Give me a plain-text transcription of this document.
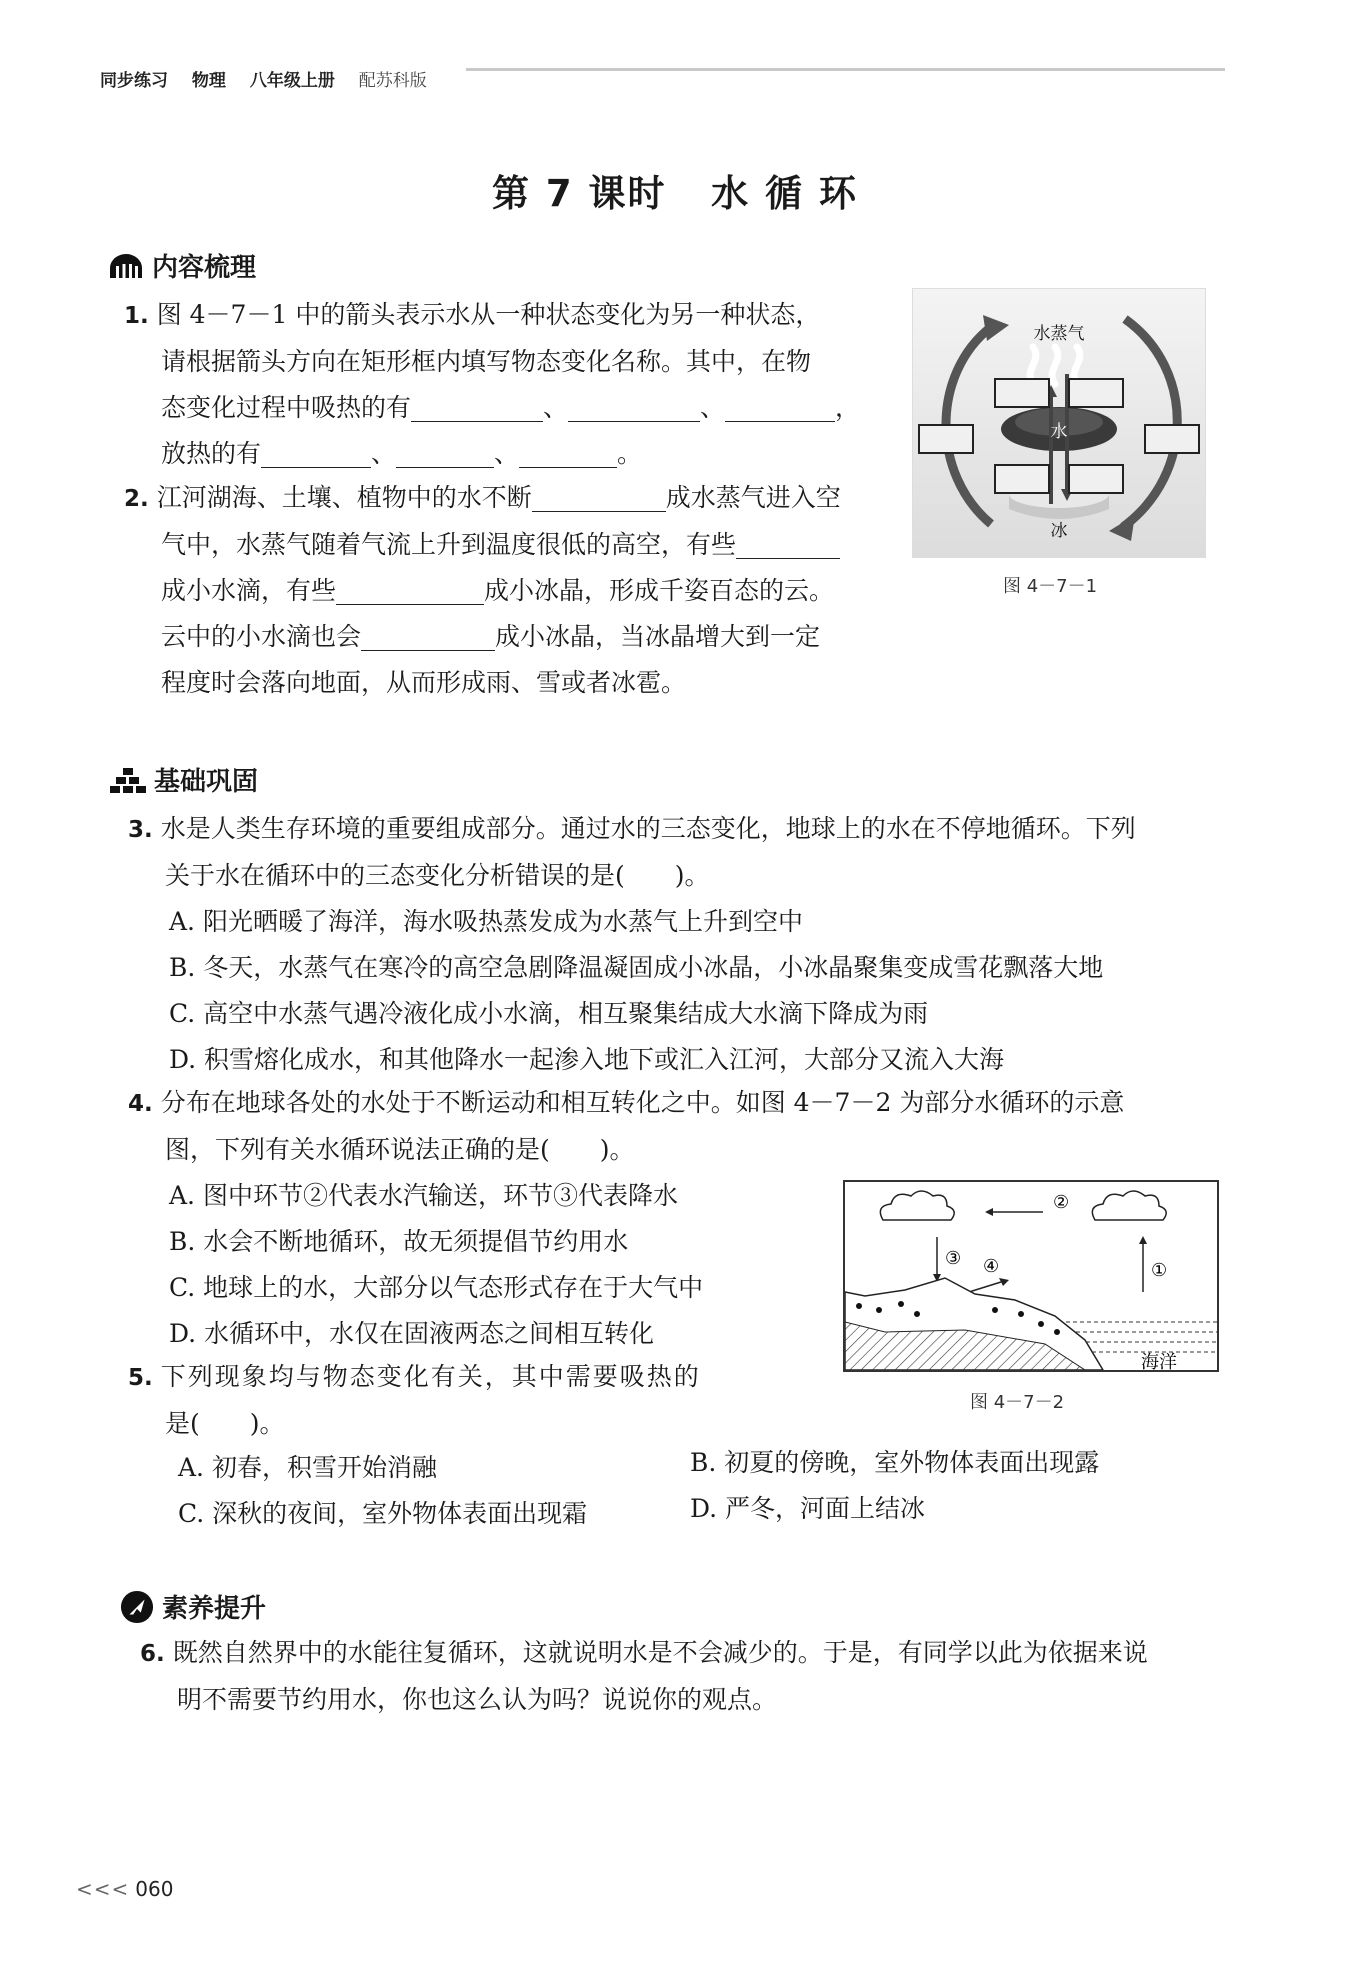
同步练习 物理 八年级上册 配苏科版
第 7 课时   水 循 环
内容梳理
1. 图 4－7－1 中的箭头表示水从一种状态变化为另一种状态，
请根据箭头方向在矩形框内填写物态变化名称。其中，在物
态变化过程中吸热的有	、	、	，
放热的有	、	、	。
2. 江河湖海、土壤、植物中的水不断	成水蒸气进入空
气中，水蒸气随着气流上升到温度很低的高空，有些
成小水滴，有些	成小冰晶，形成千姿百态的云。
云中的小水滴也会	成小冰晶，当冰晶增大到一定
程度时会落向地面，从而形成雨、雪或者冰雹。
水蒸气
水
冰
图 4－7－1
基础巩固
3. 水是人类生存环境的重要组成部分。通过水的三态变化，地球上的水在不停地循环。下列
关于水在循环中的三态变化分析错误的是(　　)。
A. 阳光晒暖了海洋，海水吸热蒸发成为水蒸气上升到空中
B. 冬天，水蒸气在寒冷的高空急剧降温凝固成小冰晶，小冰晶聚集变成雪花飘落大地
C. 高空中水蒸气遇冷液化成小水滴，相互聚集结成大水滴下降成为雨
D. 积雪熔化成水，和其他降水一起渗入地下或汇入江河，大部分又流入大海
4. 分布在地球各处的水处于不断运动和相互转化之中。如图 4－7－2 为部分水循环的示意
图，下列有关水循环说法正确的是(　　)。
A. 图中环节②代表水汽输送，环节③代表降水
B. 水会不断地循环，故无须提倡节约用水
C. 地球上的水，大部分以气态形式存在于大气中
D. 水循环中，水仅在固液两态之间相互转化
②
③
①
④
海洋
图 4－7－2
5. 下列现象均与物态变化有关，其中需要吸热的
是(　　)。
A. 初春，积雪开始消融	B. 初夏的傍晚，室外物体表面出现露
C. 深秋的夜间，室外物体表面出现霜	D. 严冬，河面上结冰
素养提升
6. 既然自然界中的水能往复循环，这就说明水是不会减少的。于是，有同学以此为依据来说
明不需要节约用水，你也这么认为吗？说说你的观点。
<<< 060
